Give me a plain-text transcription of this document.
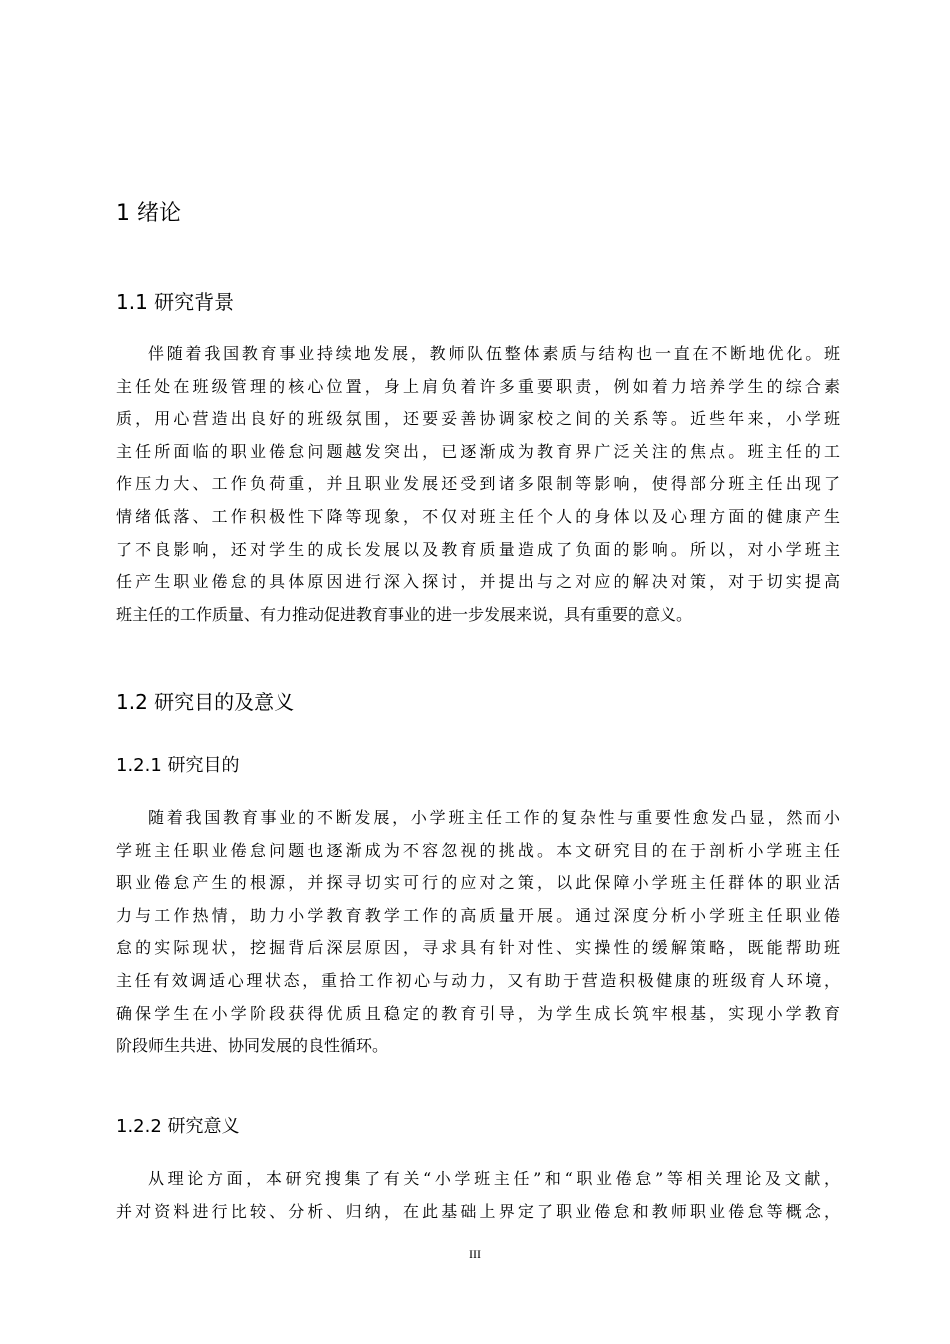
1 绪论
1.1 研究背景
伴随着我国教育事业持续地发展，教师队伍整体素质与结构也一直在不断地优化。班
主任处在班级管理的核心位置，身上肩负着许多重要职责，例如着力培养学生的综合素
质，用心营造出良好的班级氛围，还要妥善协调家校之间的关系等。近些年来，小学班
主任所面临的职业倦怠问题越发突出，已逐渐成为教育界广泛关注的焦点。班主任的工
作压力大、工作负荷重，并且职业发展还受到诸多限制等影响，使得部分班主任出现了
情绪低落、工作积极性下降等现象，不仅对班主任个人的身体以及心理方面的健康产生
了不良影响，还对学生的成长发展以及教育质量造成了负面的影响。所以，对小学班主
任产生职业倦怠的具体原因进行深入探讨，并提出与之对应的解决对策，对于切实提高
班主任的工作质量、有力推动促进教育事业的进一步发展来说，具有重要的意义。
1.2 研究目的及意义
1.2.1 研究目的
随着我国教育事业的不断发展，小学班主任工作的复杂性与重要性愈发凸显，然而小
学班主任职业倦怠问题也逐渐成为不容忽视的挑战。本文研究目的在于剖析小学班主任
职业倦怠产生的根源，并探寻切实可行的应对之策，以此保障小学班主任群体的职业活
力与工作热情，助力小学教育教学工作的高质量开展。通过深度分析小学班主任职业倦
怠的实际现状，挖掘背后深层原因，寻求具有针对性、实操性的缓解策略，既能帮助班
主任有效调适心理状态，重拾工作初心与动力，又有助于营造积极健康的班级育人环境，
确保学生在小学阶段获得优质且稳定的教育引导，为学生成长筑牢根基，实现小学教育
阶段师生共进、协同发展的良性循环。
1.2.2 研究意义
从理论方面，本研究搜集了有关“小学班主任”和“职业倦怠”等相关理论及文献，
并对资料进行比较、分析、归纳，在此基础上界定了职业倦怠和教师职业倦怠等概念，
III
